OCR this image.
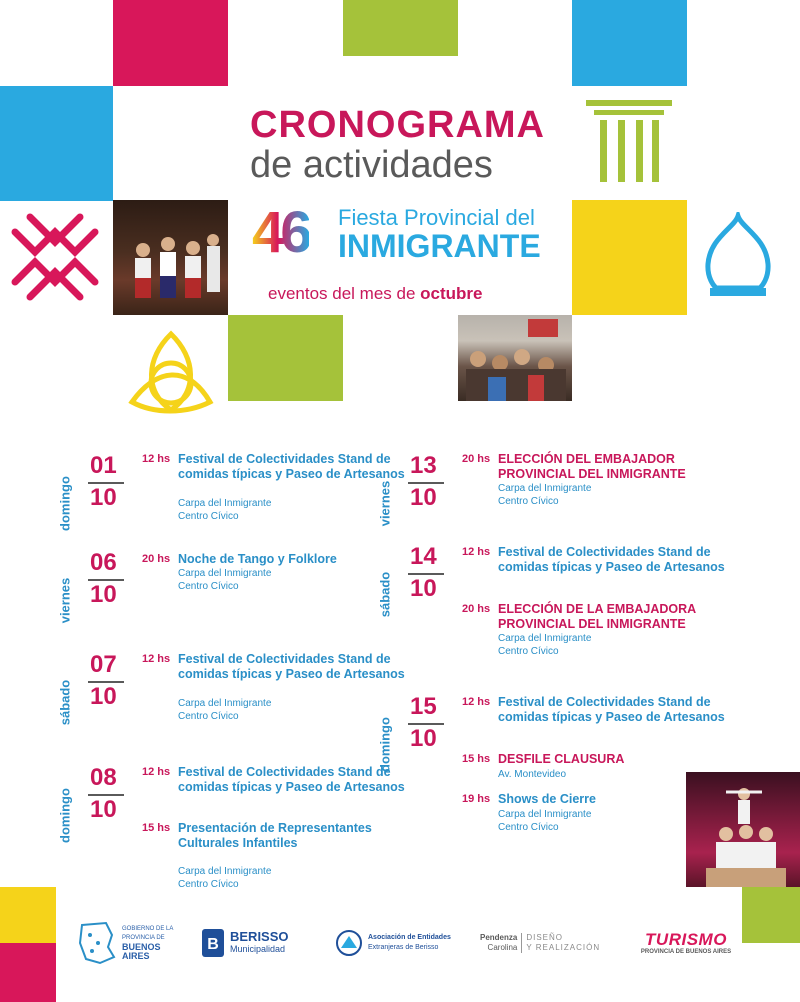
CRONOGRAMA
de actividades
46 Fiesta Provincial del
INMIGRANTE
eventos del mes de octubre
domingo
01
10
12 hs Festival de Colectividades Stand de comidas típicas y Paseo de Artesanos
Carpa del Inmigrante
Centro Cívico
viernes
06
10
20 hs Noche de Tango y Folklore
Carpa del Inmigrante
Centro Cívico
sábado
07
10
12 hs Festival de Colectividades Stand de comidas típicas y Paseo de Artesanos
Carpa del Inmigrante
Centro Cívico
domingo
08
10
12 hs Festival de Colectividades Stand de comidas típicas y Paseo de Artesanos
15 hs Presentación de Representantes Culturales Infantiles
Carpa del Inmigrante
Centro Cívico
viernes
13
10
20 hs ELECCIÓN DEL EMBAJADOR PROVINCIAL DEL INMIGRANTE
Carpa del Inmigrante
Centro Cívico
sábado
14
10
12 hs Festival de Colectividades Stand de comidas típicas y Paseo de Artesanos
20 hs ELECCIÓN DE LA EMBAJADORA PROVINCIAL DEL INMIGRANTE
Carpa del Inmigrante
Centro Cívico
domingo
15
10
12 hs Festival de Colectividades Stand de comidas típicas y Paseo de Artesanos
15 hs DESFILE CLAUSURA
Av. Montevideo
19 hs Shows de Cierre
Carpa del Inmigrante
Centro Cívico
GOBIERNO DE LA
PROVINCIA DE
BUENOS
AIRES
B BERISSO
Municipalidad
Asociación de Entidades
Extranjeras de Berisso
Pendenza
Carolina
DISEÑO
Y REALIZACIÓN	TURISMO
PROVINCIA DE BUENOS AIRES
